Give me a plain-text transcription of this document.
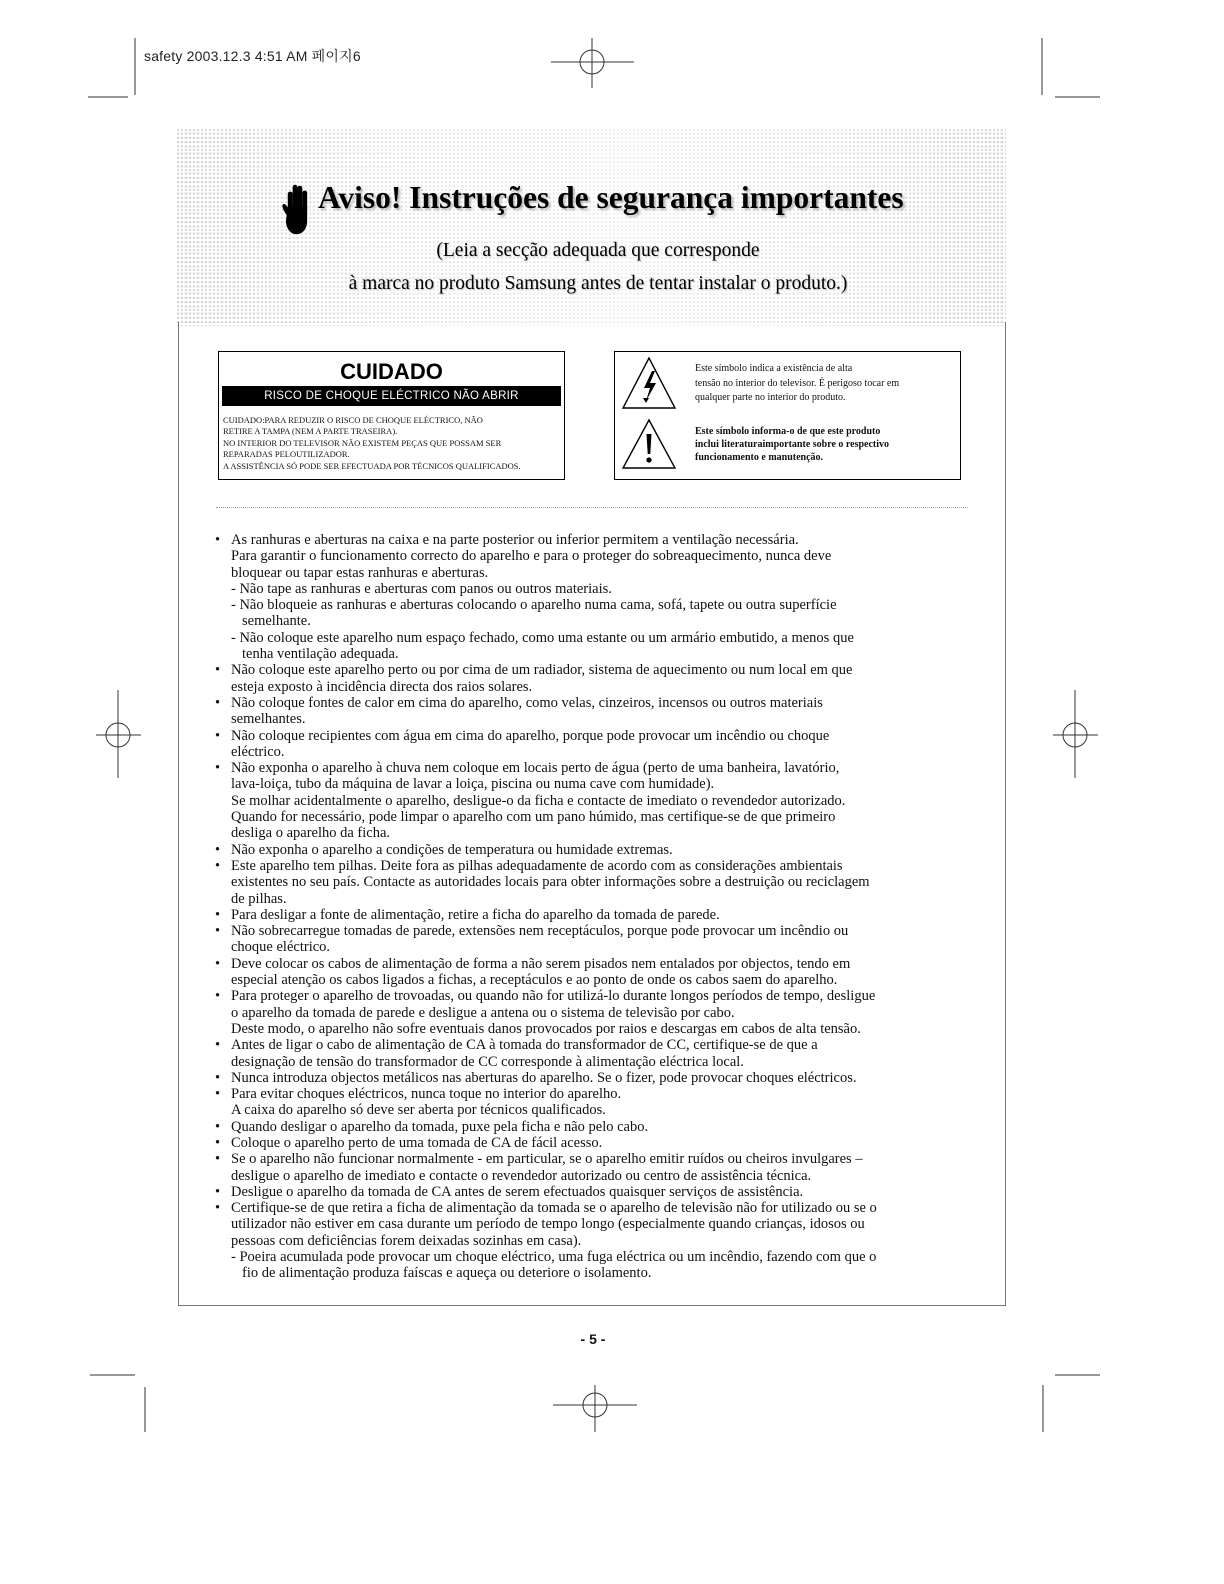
safety 2003.12.3 4:51 AM 페이지6
Aviso! Instruções de segurança importantes
(Leia a secção adequada que corresponde
à marca no produto Samsung antes de tentar instalar o produto.)
CUIDADO
RISCO DE CHOQUE ELÉCTRICO NÃO ABRIR
CUIDADO:PARA REDUZIR O RISCO DE CHOQUE ELÉCTRICO, NÃO
RETIRE A TAMPA (NEM A PARTE TRASEIRA).
NO INTERIOR DO TELEVISOR NÃO EXISTEM PEÇAS QUE POSSAM SER
REPARADAS PELOUTILIZADOR.
A ASSISTÊNCIA SÓ PODE SER EFECTUADA POR TÉCNICOS QUALIFICADOS.
Este símbolo indica a existência de alta
tensão no interior do televisor. É perigoso tocar em
qualquer parte no interior do produto.
Este símbolo informa-o de que este produto
inclui literaturaimportante sobre o respectivo
funcionamento e manutenção.
• As ranhuras e aberturas na caixa e na parte posterior ou inferior permitem a ventilação necessária.
Para garantir o funcionamento correcto do aparelho e para o proteger do sobreaquecimento, nunca deve
bloquear ou tapar estas ranhuras e aberturas.
- Não tape as ranhuras e aberturas com panos ou outros materiais.
- Não bloqueie as ranhuras e aberturas colocando o aparelho numa cama, sofá, tapete ou outra superfície
semelhante.
- Não coloque este aparelho num espaço fechado, como uma estante ou um armário embutido, a menos que
tenha ventilação adequada.
• Não coloque este aparelho perto ou por cima de um radiador, sistema de aquecimento ou num local em que
esteja exposto à incidência directa dos raios solares.
• Não coloque fontes de calor em cima do aparelho, como velas, cinzeiros, incensos ou outros materiais
semelhantes.
• Não coloque recipientes com água em cima do aparelho, porque pode provocar um incêndio ou choque
eléctrico.
• Não exponha o aparelho à chuva nem coloque em locais perto de água (perto de uma banheira, lavatório,
lava-loiça, tubo da máquina de lavar a loiça, piscina ou numa cave com humidade).
Se molhar acidentalmente o aparelho, desligue-o da ficha e contacte de imediato o revendedor autorizado.
Quando for necessário, pode limpar o aparelho com um pano húmido, mas certifique-se de que primeiro
desliga o aparelho da ficha.
• Não exponha o aparelho a condições de temperatura ou humidade extremas.
• Este aparelho tem pilhas. Deite fora as pilhas adequadamente de acordo com as considerações ambientais
existentes no seu país. Contacte as autoridades locais para obter informações sobre a destruição ou reciclagem
de pilhas.
• Para desligar a fonte de alimentação, retire a ficha do aparelho da tomada de parede.
• Não sobrecarregue tomadas de parede, extensões nem receptáculos, porque pode provocar um incêndio ou
choque eléctrico.
• Deve colocar os cabos de alimentação de forma a não serem pisados nem entalados por objectos, tendo em
especial atenção os cabos ligados a fichas, a receptáculos e ao ponto de onde os cabos saem do aparelho.
• Para proteger o aparelho de trovoadas, ou quando não for utilizá-lo durante longos períodos de tempo, desligue
o aparelho da tomada de parede e desligue a antena ou o sistema de televisão por cabo.
Deste modo, o aparelho não sofre eventuais danos provocados por raios e descargas em cabos de alta tensão.
• Antes de ligar o cabo de alimentação de CA à tomada do transformador de CC, certifique-se de que a
designação de tensão do transformador de CC corresponde à alimentação eléctrica local.
• Nunca introduza objectos metálicos nas aberturas do aparelho. Se o fizer, pode provocar choques eléctricos.
• Para evitar choques eléctricos, nunca toque no interior do aparelho.
A caixa do aparelho só deve ser aberta por técnicos qualificados.
• Quando desligar o aparelho da tomada, puxe pela ficha e não pelo cabo.
• Coloque o aparelho perto de uma tomada de CA de fácil acesso.
• Se o aparelho não funcionar normalmente - em particular, se o aparelho emitir ruídos ou cheiros invulgares –
desligue o aparelho de imediato e contacte o revendedor autorizado ou centro de assistência técnica.
• Desligue o aparelho da tomada de CA antes de serem efectuados quaisquer serviços de assistência.
• Certifique-se de que retira a ficha de alimentação da tomada se o aparelho de televisão não for utilizado ou se o
utilizador não estiver em casa durante um período de tempo longo (especialmente quando crianças, idosos ou
pessoas com deficiências forem deixadas sozinhas em casa).
- Poeira acumulada pode provocar um choque eléctrico, uma fuga eléctrica ou um incêndio, fazendo com que o
fio de alimentação produza faíscas e aqueça ou deteriore o isolamento.
- 5 -
